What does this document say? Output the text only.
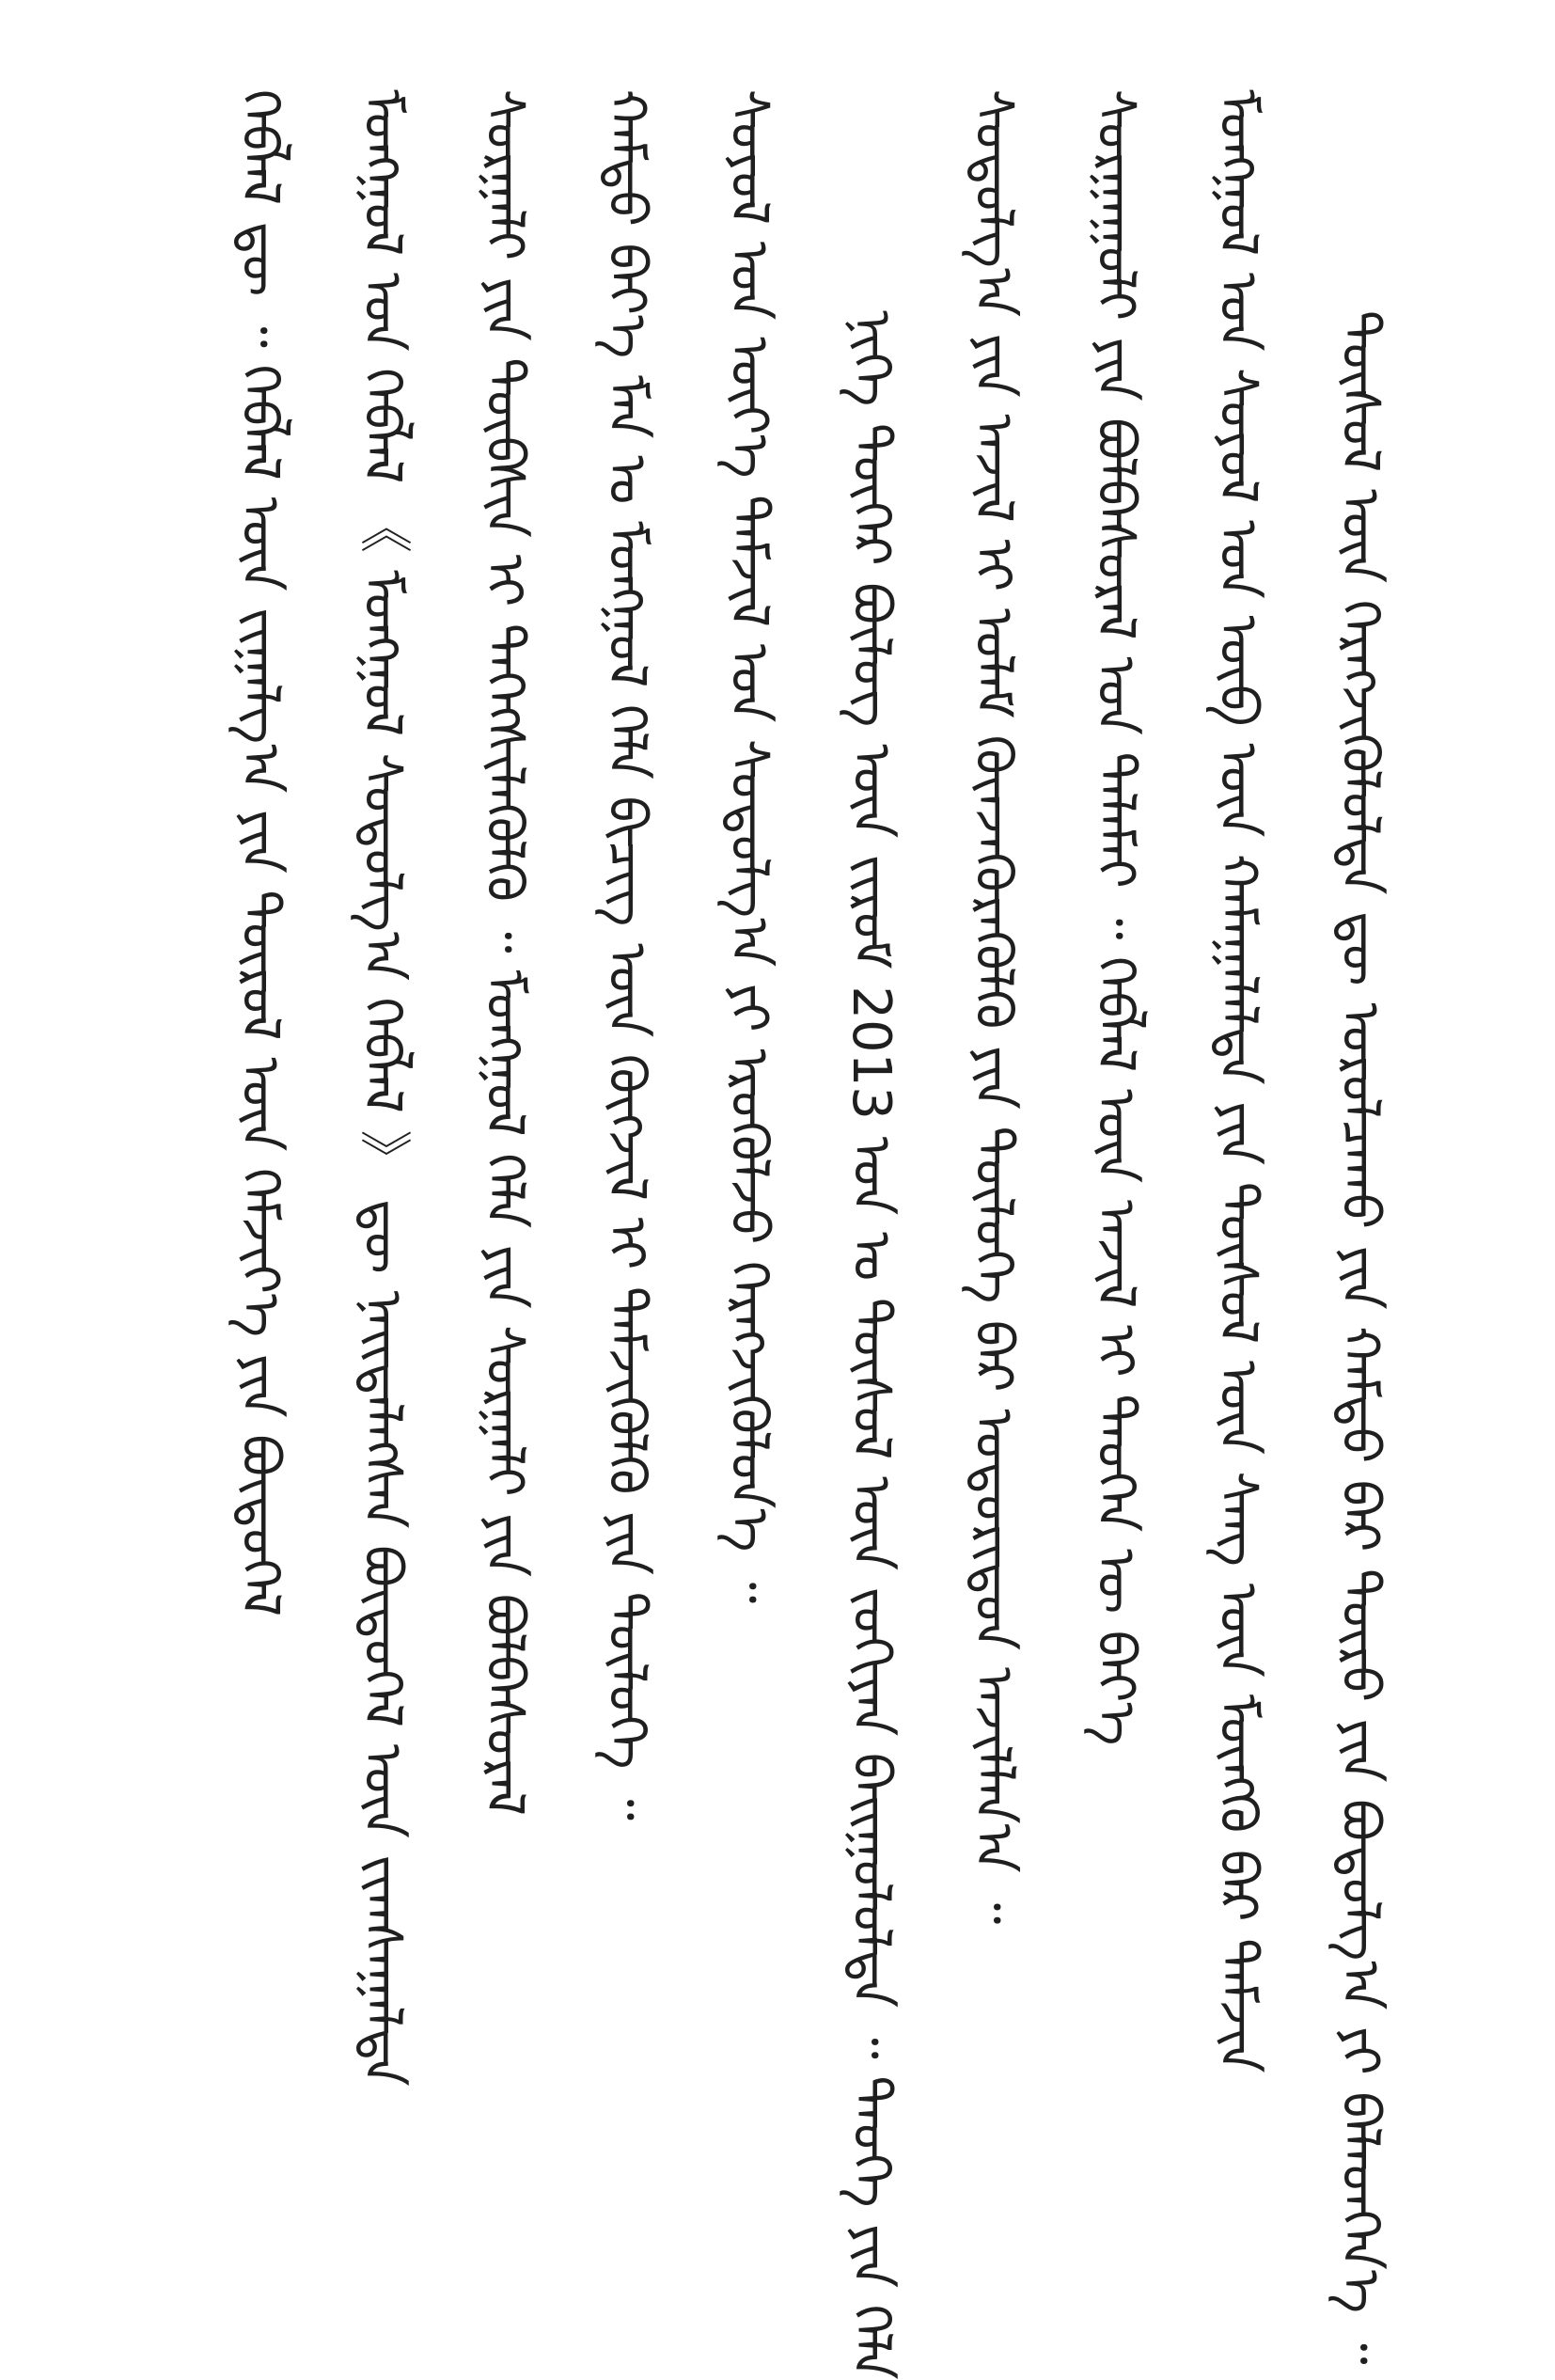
ᠲᠥᠰᠥᠯ ᠦᠨ ᠬᠡᠷᠡᠭᠵᠢᠭᠦᠯᠦᠯᠲᠡ ᠳᠦ ᠤᠷᠤᠯᠴᠠᠬᠤ ᠶᠢᠨ ᠬᠠᠮᠲᠤ ᠪᠠᠷ ᠲᠥᠷᠥ ᠶᠢᠨ ᠪᠣᠳᠣᠯᠭ᠎ᠠ ᠶᠢ ᠪᠡᠯᠡᠳᠭᠡᠨ᠎ᠡ ᠃
ᠮᠣᠩᠭᠣᠯ ᠤᠨ ᠰᠣᠶᠣᠯ ᠤᠨ ᠥᠪ ᠦᠨ ᠬᠠᠮᠠᠭᠠᠯᠠᠯᠲᠠ ᠶᠢᠨ ᠲᠥᠰᠥᠯ ᠦᠨ ᠰᠠᠩ ᠦᠨ ᠮᠥᠩᠭᠥ ᠪᠡᠷ ᠳᠡᠮᠵᠢᠨ
ᠰᠤᠷᠭᠠᠭᠤᠯᠢ ᠶᠢᠨ ᠪᠣᠯᠪᠠᠰᠤᠷᠠᠯ ᠤᠨ ᠲᠡᠯᠡᠮᠡᠢ ᠃ ᠬᠡᠪᠯᠡᠯ ᠦᠨ ᠠᠵᠢᠯ ᠢ ᠲᠡᠦᠬᠡᠨ ᠦ ᠪᠡᠶ᠎ᠡ
ᠰᠤᠳᠤᠯᠭ᠎ᠠ ᠶᠢᠨ ᠠᠵᠢᠯ ᠢ ᠤᠯᠠᠮ ᠭᠦᠨᠵᠡᠭᠦᠷᠡᠭᠦᠯᠬᠦ ᠶᠢᠨ ᠲᠥᠯᠥᠭᠡ ᠪᠡᠷ ᠤᠳᠤᠷᠢᠳᠤᠨ ᠠᠵᠢᠯᠯᠠᠨ᠎ᠠ ᠃
ᠨᠢᠭᠡ ᠳᠦᠭᠡᠷ ᠪᠦᠯᠦᠭ ᠦᠨ ᠵᠢᠷᠤᠮ 2013 ᠣᠨ ᠤ ᠲᠥᠰᠥᠯ ᠦᠨ ᠵᠣᠬᠢᠶᠠᠨ ᠪᠠᠢᠭᠤᠯᠤᠯᠲᠠ ᠃ ᠲᠡᠦᠬᠡ ᠶᠢᠨ ᠬᠡᠯᠡ
ᠰᠣᠶᠣᠯ ᠤᠨ ᠦᠶ᠎ᠡ ᠳᠠᠮᠵᠢᠯ ᠤᠨ ᠰᠤᠳᠤᠯᠭ᠎ᠠ ᠶᠢ ᠡᠷᠦᠭᠦᠯᠵᠦ ᠬᠡᠷᠡᠭᠵᠢᠭᠦᠯᠦᠨ᠎ᠡ ᠃
ᠬᠠᠮᠲᠤ ᠪᠡᠶ᠎ᠡ ᠮᠠᠨ ᠤ ᠮᠣᠩᠭᠣᠯ ᠬᠡᠯᠡ ᠪᠢᠴᠢᠭ ᠦᠨ ᠬᠥᠭᠵᠢᠯ ᠢ ᠳᠡᠮᠵᠢᠭᠦᠯᠬᠦ ᠶᠢᠨ ᠲᠥᠯᠥᠭᠡ ᠃
ᠰᠤᠷᠭᠠᠯᠢ ᠶᠢᠨ ᠲᠦᠪᠰᠢᠨ ᠢ ᠳᠡᠭᠡᠭᠰᠢᠯᠡᠭᠦᠯᠬᠦ ᠃ ᠮᠣᠩᠭᠣᠯ ᠬᠡᠯᠡ ᠶᠢᠨ ᠰᠤᠷᠭᠠᠯᠢ ᠶᠢᠨ ᠪᠣᠯᠪᠠᠰᠤᠷᠠᠯ
ᠮᠣᠩᠭᠣᠯ ᠤᠨ ᠬᠡᠪᠯᠡᠯ 《 ᠮᠣᠩᠭᠣᠯ ᠰᠤᠳᠤᠯᠭ᠎ᠠ ᠬᠡᠪᠯᠡᠯ 》 ᠳᠦ ᠨᠡᠢᠲᠡᠯᠡᠭᠰᠡᠨ ᠪᠦᠲᠦᠭᠡᠯ ᠦᠨ ᠵᠢᠭᠰᠠᠭᠠᠯᠲᠠ
ᠬᠡᠪᠯᠡᠯ ᠳᠦ ᠃ ᠬᠡᠪᠯᠡᠯ ᠦᠨ ᠵᠢᠭᠠᠯᠭ᠎ᠠ ᠶᠢᠨ ᠲᠥᠷᠥᠯ ᠦᠨ ᠬᠡᠮᠵᠢᠶ᠎ᠡ ᠶᠢᠨ ᠪᠦᠲᠦᠭᠡᠯ
